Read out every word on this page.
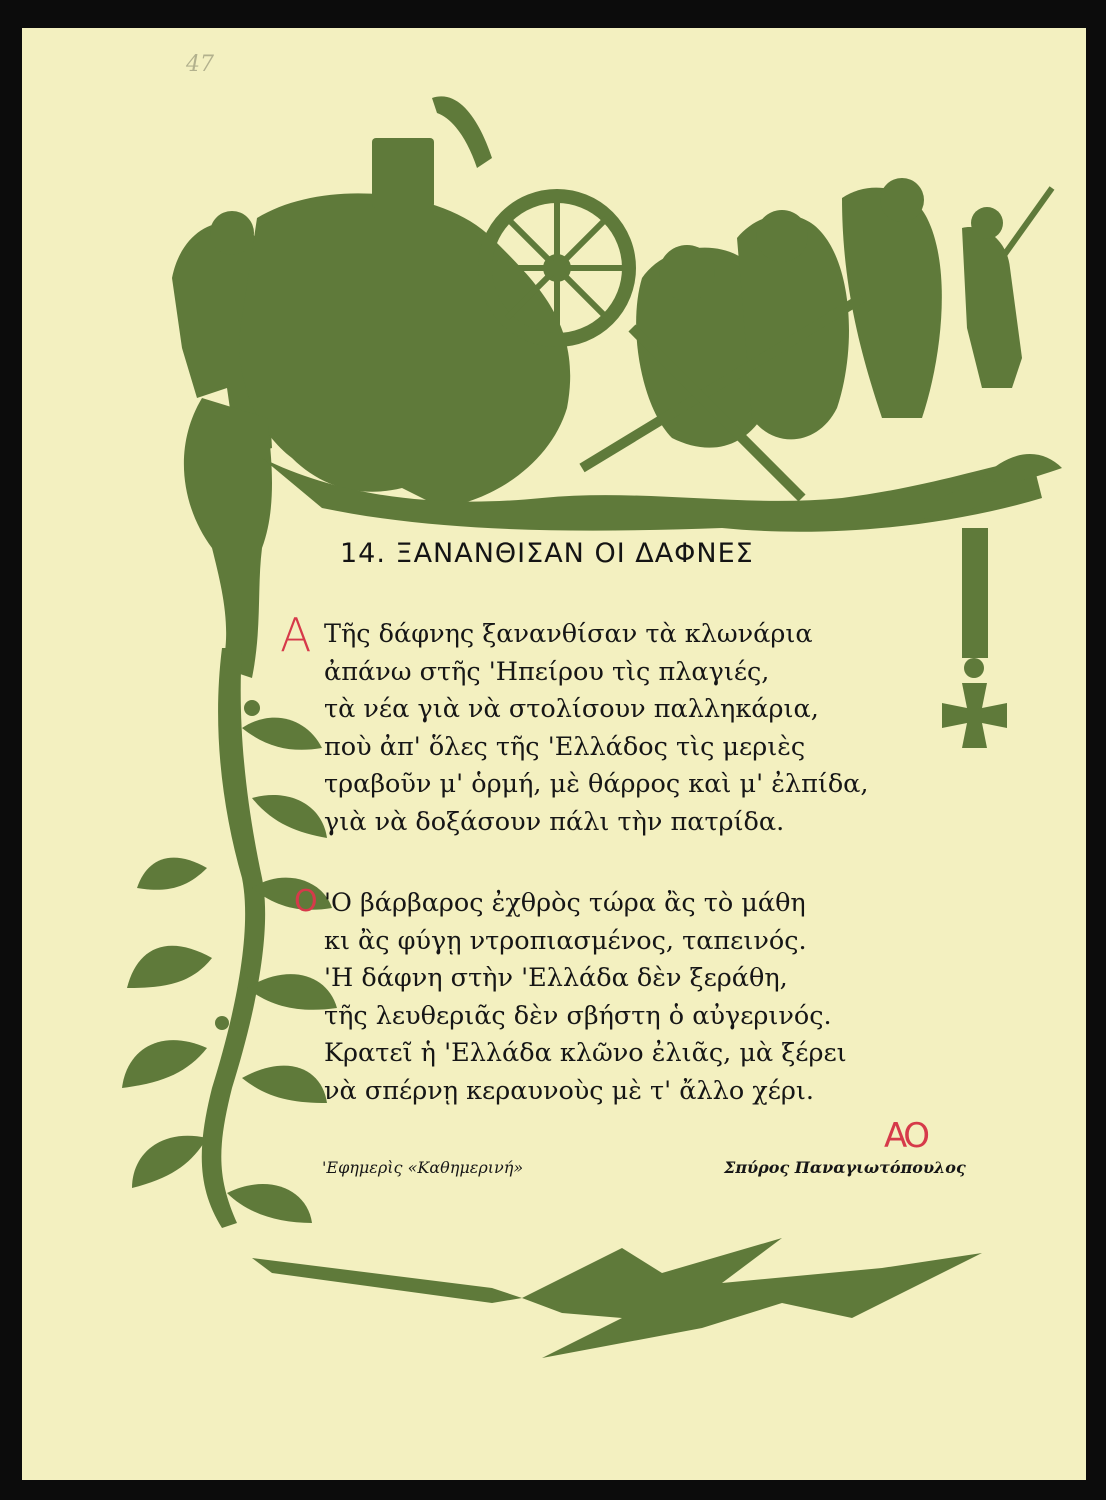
47
14. ΞΑΝΑΝΘΙΣΑΝ ΟΙ ΔΑΦΝΕΣ
Τῆς δάφνης ξανανθίσαν τὰ κλωνάρια
ἀπάνω στῆς 'Ηπείρου τὶς πλαγιές,
τὰ νέα γιὰ νὰ στολίσουν παλληκάρια,
ποὺ ἀπ' ὅλες τῆς 'Ελλάδος τὶς μεριὲς
τραβοῦν μ' ὁρμή, μὲ θάρρος καὶ μ' ἐλπίδα,
γιὰ νὰ δοξάσουν πάλι τὴν πατρίδα.
'Ο βάρβαρος ἐχθρὸς τώρα ἂς τὸ μάθη
κι ἂς φύγῃ ντροπιασμένος, ταπεινός.
'Η δάφνη στὴν 'Ελλάδα δὲν ξεράθη,
τῆς λευθεριᾶς δὲν σβήστη ὁ αὐγερινός.
Κρατεῖ ἡ 'Ελλάδα κλῶνο ἐλιᾶς, μὰ ξέρει
νὰ σπέρνῃ κεραυνοὺς μὲ τ' ἄλλο χέρι.
A
O
ΑΟ
'Εφημερὶς «Καθημερινή»	Σπύρος Παναγιωτόπουλος
